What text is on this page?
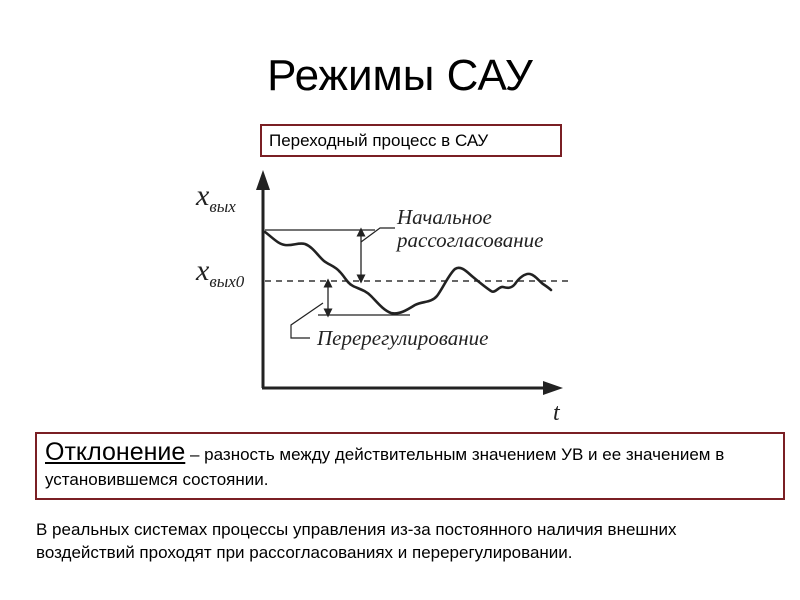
Режимы САУ
Переходный процесс в САУ
$x_{вых}$
$x_{вых0}$
t
Начальное
рассогласование
Перерегулирование
Отклонение – разность между действительным значением УВ и ее значением в установившемся состоянии.
В реальных системах процессы управления из-за постоянного наличия внешних воздействий проходят при рассогласованиях и перерегулировании.
